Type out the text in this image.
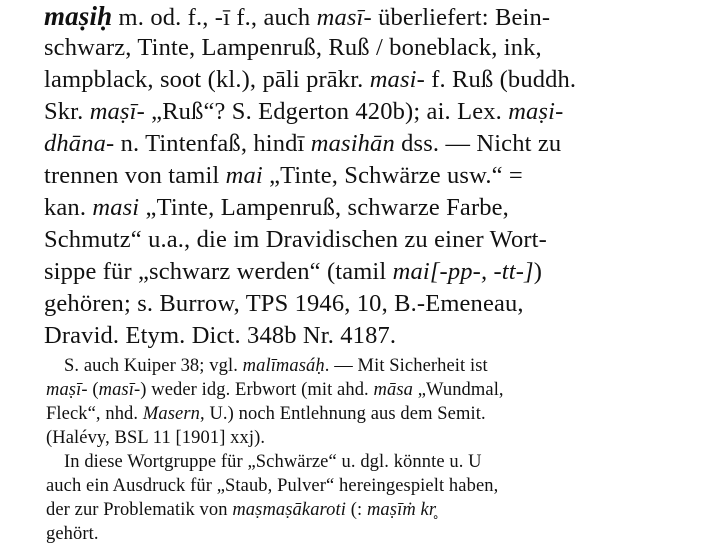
maṣiḥ m. od. f., -ī f., auch masī- überliefert: Bein-
schwarz, Tinte, Lampenruß, Ruß / boneblack, ink,
lampblack, soot (kl.), pāli prākr. masi- f. Ruß (buddh.
Skr. maṣī- „Ruß“? S. Edgerton 420b); ai. Lex. maṣi-
dhāna- n. Tintenfaß, hindī masihān dss. — Nicht zu
trennen von tamil mai „Tinte, Schwärze usw.“ =
kan. masi „Tinte, Lampenruß, schwarze Farbe,
Schmutz“ u.a., die im Dravidischen zu einer Wort-
sippe für „schwarz werden“ (tamil mai[-pp-, -tt-])
gehören; s. Burrow, TPS 1946, 10, B.-Emeneau,
Dravid. Etym. Dict. 348b Nr. 4187.
S. auch Kuiper 38; vgl. malīmasáḥ. — Mit Sicherheit ist
maṣī- (masī-) weder idg. Erbwort (mit ahd. māsa „Wundmal,
Fleck“, nhd. Masern, U.) noch Entlehnung aus dem Semit.
(Halévy, BSL 11 [1901] xxj).
In diese Wortgruppe für „Schwärze“ u. dgl. könnte u. U
auch ein Ausdruck für „Staub, Pulver“ hereingespielt haben,
der zur Problematik von maṣmaṣākaroti (: maṣīṁ kr̥
gehört.
